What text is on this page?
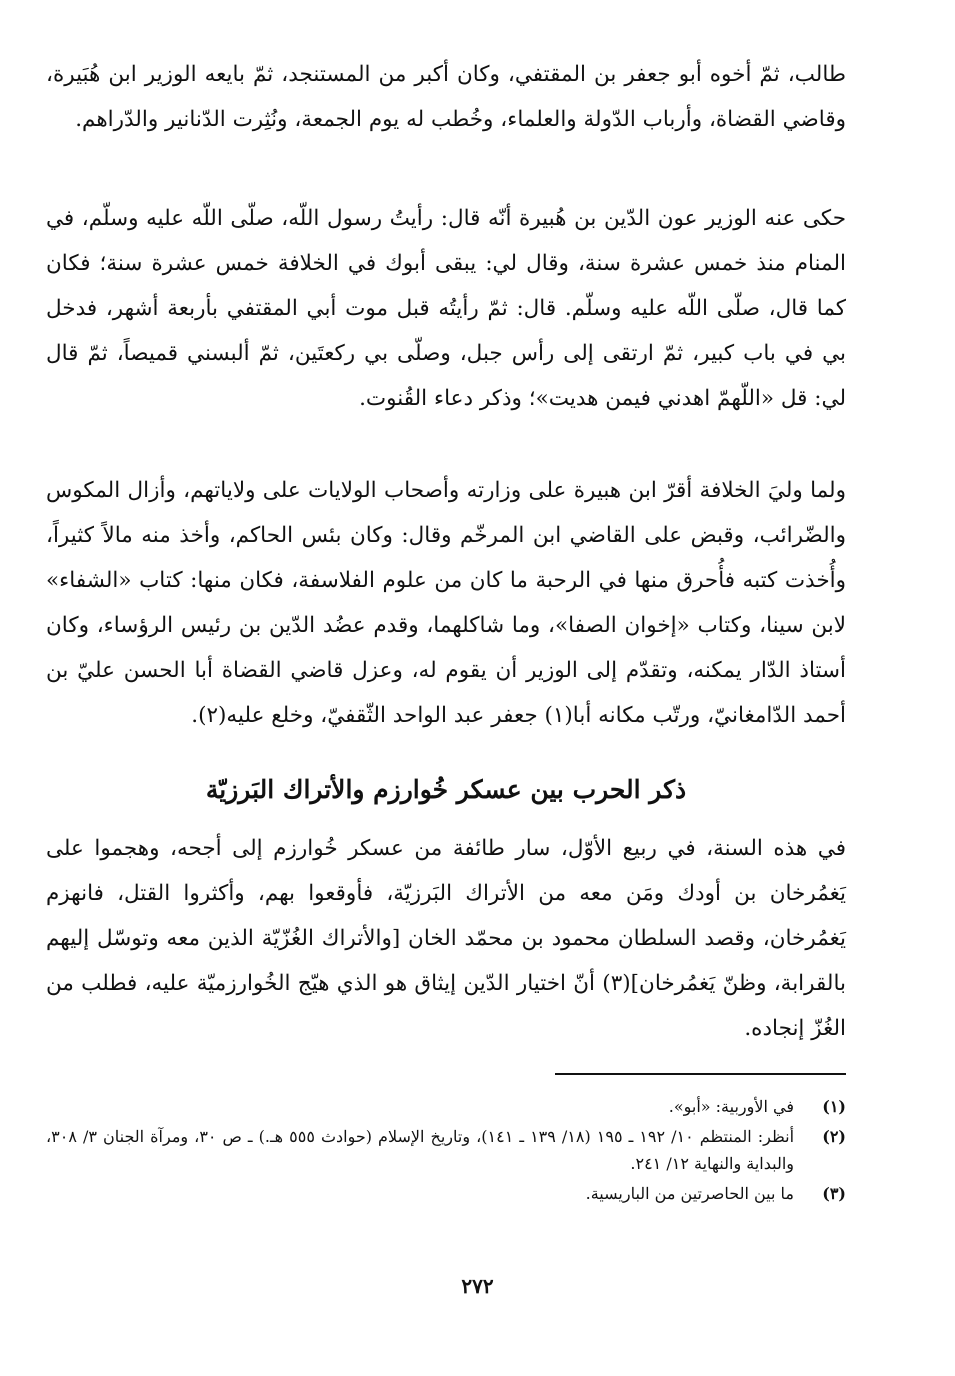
طالب، ثمّ أخوه أبو جعفر بن المقتفي، وكان أكبر من المستنجد، ثمّ بايعه الوزير ابن هُبَيرة، وقاضي القضاة، وأرباب الدّولة والعلماء، وخُطب له يوم الجمعة، ونُثِرت الدّنانير والدّراهم.

حكى عنه الوزير عون الدّين بن هُبيرة أنّه قال: رأيتُ رسول اللّه، صلّى اللّه عليه وسلّم، في المنام منذ خمس عشرة سنة، وقال لي: يبقى أبوك في الخلافة خمس عشرة سنة؛ فكان كما قال، صلّى اللّه عليه وسلّم. قال: ثمّ رأيتُه قبل موت أبي المقتفي بأربعة أشهر، فدخل بي في باب كبير، ثمّ ارتقى إلى رأس جبل، وصلّى بي ركعتَين، ثمّ ألبسني قميصاً، ثمّ قال لي: قل «اللّهمّ اهدني فيمن هديت»؛ وذكر دعاء القُنوت.

ولما وليَ الخلافة أقرّ ابن هبيرة على وزارته وأصحاب الولايات على ولاياتهم، وأزال المكوس والضّرائب، وقبض على القاضي ابن المرخّم وقال: وكان بئس الحاكم، وأخذ منه مالاً كثيراً، وأُخذت كتبه فأُحرق منها في الرحبة ما كان من علوم الفلاسفة، فكان منها: كتاب «الشفاء» لابن سينا، وكتاب «إخوان الصفا»، وما شاكلهما، وقدم عضُد الدّين بن رئيس الرؤساء، وكان أستاذ الدّار يمكنه، وتقدّم إلى الوزير أن يقوم له، وعزل قاضي القضاة أبا الحسن عليّ بن أحمد الدّامغانيّ، ورتّب مكانه أبا(١) جعفر عبد الواحد الثّقفيّ، وخلع عليه(٢).

ذكر الحرب بين عسكر خُوارزم والأتراك البَرزيّة

في هذه السنة، في ربيع الأوّل، سار طائفة من عسكر خُوارزم إلى أجحه، وهجموا على يَغمُرخان بن أودك ومَن معه من الأتراك البَرزيّة، فأوقعوا بهم، وأكثروا القتل، فانهزم يَغمُرخان، وقصد السلطان محمود بن محمّد الخان [والأتراك الغُزّيّة الذين معه وتوسّل إليهم بالقرابة، وظنّ يَغمُرخان](٣) أنّ اختيار الدّين إيثاق هو الذي هيّج الخُوارزميّة عليه، فطلب من الغُزّ إنجاده.

(١)
في الأوربية: «أبو».
(٢)
أنظر: المنتظم ١٠/ ١٩٢ ـ ١٩٥ (١٨/ ١٣٩ ـ ١٤١)، وتاريخ الإسلام (حوادث ٥٥٥ هـ.) ـ ص ٣٠، ومرآة الجنان ٣/ ٣٠٨، والبداية والنهاية ١٢/ ٢٤١.
(٣)
ما بين الحاصرتين من الباريسية.
٢٧٢
